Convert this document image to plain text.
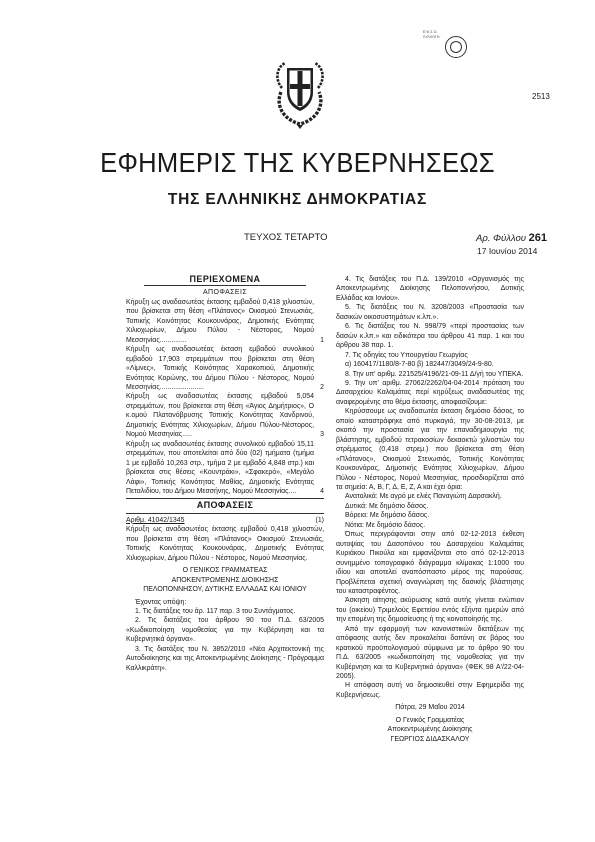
Ε.Ψ.Σ.Ο. ΣΥΛΛΟΓΗ
2513
ΕΦΗΜΕΡΙΣ ΤΗΣ ΚΥΒΕΡΝΗΣΕΩΣ
ΤΗΣ ΕΛΛΗΝΙΚΗΣ ΔΗΜΟΚΡΑΤΙΑΣ
ΤΕΥΧΟΣ ΤΕΤΑΡΤΟ	Αρ. Φύλλου 261
17 Ιουνίου 2014
ΠΕΡΙΕΧΟΜΕΝΑ
ΑΠΟΦΑΣΕΙΣ
Κήρυξη ως αναδασωτέας έκτασης εμβαδού 0,418 χιλιοστών, που βρίσκεται στη θέση «Πλάτανος» Οικισμού Στενωσιάς, Τοπικής Κοινότητας Κουκουνάρας, Δημοτικής Ενότητας Χιλιοχωρίων, Δήμου Πύλου - Νέστορος, Νομού Μεσσηνίας..............	1
Κήρυξη ως αναδασωτέας έκταση εμβαδού συνολικού εμβαδού 17,903 στρεμμάτων που βρίσκεται στη θέση «Λίμνες», Τοπικής Κοινότητας Χαρακοπιού, Δημοτικής Ενότητας Κορώνης, του Δήμου Πύλου - Νέστορος, Νομού Μεσσηνίας.......................	2
Κήρυξη ως αναδασωτέας έκτασης εμβαδού 5,054 στρεμμάτων, που βρίσκεται στη θέση «Άγιος Δημήτριος», Ο κ.ομού Πλατανόβρυσης Τοπικής Κοινότητας Χανδρινού, Δημοτικής Ενότητας Χιλιοχωρίων, Δήμου Πύλου-Νέστορος, Νομού Μεσσηνίας.....	3
Κήρυξη ως αναδασωτέας έκτασης συνολικού εμβαδού 15,11 στρεμμάτων, που αποτελείται από δύο (02) τμήματα (τμήμα 1 με εμβαδό 10,263 στρ., τμήμα 2 με εμβαδό 4,848 στρ.) και βρίσκεται στις θέσεις «Κουντράκι», «Σφακερό», «Μεγάλο Λάφι», Τοπικής Κοινότητας Μαθίας, Δημοτικής Ενότητας Πεταλιδίου, του Δήμου Μεσσήνης, Νομού Μεσσηνίας....	4
ΑΠΟΦΑΣΕΙΣ
Αριθμ. 41042/1345	(1)
Κήρυξη ως αναδασωτέας έκτασης εμβαδού 0,418 χιλιοστών, που βρίσκεται στη θέση «Πλάτανος» Οικισμού Στενωσιάς, Τοπικής Κοινότητας Κουκουνάρας, Δημοτικής Ενότητας Χιλιοχωρίων, Δήμου Πύλου - Νέστορος, Νομού Μεσσηνίας.
Ο ΓΕΝΙΚΟΣ ΓΡΑΜΜΑΤΕΑΣ
ΑΠΟΚΕΝΤΡΩΜΕΝΗΣ ΔΙΟΙΚΗΣΗΣ
ΠΕΛΟΠΟΝΝΗΣΟΥ, ΔΥΤΙΚΗΣ ΕΛΛΑΔΑΣ ΚΑΙ ΙΟΝΙΟΥ
Έχοντας υπόψη:
1. Τις διατάξεις του άρ. 117 παρ. 3 του Συντάγματος.
2. Τις διατάξεις του άρθρου 90 του Π.Δ. 63/2005 «Κωδικοποίηση νομοθεσίας για την Κυβέρνηση και τα Κυβερνητικά όργανα».
3. Τις διατάξεις του Ν. 3852/2010 «Νέα Αρχιτεκτονική της Αυτοδιοίκησης και της Αποκεντρωμένης Διοίκησης - Πρόγραμμα Καλλικράτη».
4. Τις διατάξεις του Π.Δ. 139/2010 «Οργανισμός της Αποκεντρωμένης Διοίκησης Πελοποννήσου, Δυτικής Ελλάδας και Ιονίου».
5. Τις διατάξεις του Ν. 3208/2003 «Προστασία των δασικών οικοσυστημάτων κ.λπ.».
6. Τις διατάξεις του Ν. 998/79 «περί προστασίας των δασών κ.λπ.» και ειδικότερα του άρθρου 41 παρ. 1 και του άρθρου 38 παρ. 1.
7. Τις οδηγίες του Υπουργείου Γεωργίας
α) 160417/1180/8-7-80 β) 182447/3049/24-9-80.
8. Την υπ' αριθμ. 221525/4196/21-09-11 Δ/γή του ΥΠΕΚΑ.
9. Την υπ' αριθμ. 27062/2262/04-04-2014 πρόταση του Δασαρχείου Καλαμάτας περί κηρύξεως αναδασωτέας της αναφερομένης στο θέμα έκτασης, αποφασίζουμε:
Κηρύσσουμε ως αναδασωτέα έκταση δημόσιο δάσος, το οποίο καταστράφηκε από πυρκαγιά, την 30-08-2013, με σκοπό την προστασία για την επαναδημιουργία της βλάστησης, εμβαδού τετρακοσίων δεκαοκτώ χιλιοστών του στρέμματος (0,418 στρεμ.) που βρίσκεται στη θέση «Πλάτανος», Οικισμού Στενωσιάς, Τοπικής Κοινότητας Κουκουνάρας, Δημοτικής Ενότητας Χιλιοχωρίων, Δήμου Πύλου - Νέστορος, Νομού Μεσσηνίας, προσδιορίζεται από τα σημεία: Α, Β, Γ, Δ, Ε, Ζ, Α και έχει όρια:
Ανατολικά: Με αγρό με ελιές Παναγιώτη Δαρσακλή.
Δυτικά: Με δημόσιο δάσος.
Βόρεια: Με δημόσιο δάσος.
Νότια: Με δημόσιο δάσος.
Όπως περιγράφονται στην από 02-12-2013 έκθεση αυτοψίας του Δασοπόνου του Δασαρχείου Καλαμάτας Κυριάκου Πικούλα και εμφανίζονται στο από 02-12-2013 συνημμένο τοπογραφικό διάγραμμα κλίμακας 1:1000 του ιδίου και αποτελεί αναπόσπαστο μέρος της παρούσας. Προβλέπεται σχετική αναγνώριση της δασικής βλάστησης του καταστραφέντος.
Άσκηση αίτησης ακύρωσης κατά αυτής γίνεται ενώπιον του (οικείου) Τριμελούς Εφετείου εντός εξήντα ημερών από την επομένη της δημοσίευσης ή της κοινοποίησής της.
Από την εφαρμογή των κανονιστικών διατάξεων της απόφασης αυτής δεν προκαλείται δαπάνη σε βάρος του κρατικού προϋπολογισμού σύμφωνα με το άρθρο 90 του Π.Δ. 63/2005 «κωδικοποίηση της νομοθεσίας για την Κυβέρνηση και τα Κυβερνητικά όργανα» (ΦΕΚ 98 Α'/22-04-2005).
Η απόφαση αυτή να δημοσιευθεί στην Εφημερίδα της Κυβερνήσεως.
Πάτρα, 29 Μαΐου 2014
Ο Γενικός Γραμματέας
Αποκεντρωμένης Διοίκησης
ΓΕΩΡΓΙΟΣ ΔΙΔΑΣΚΑΛΟΥ
